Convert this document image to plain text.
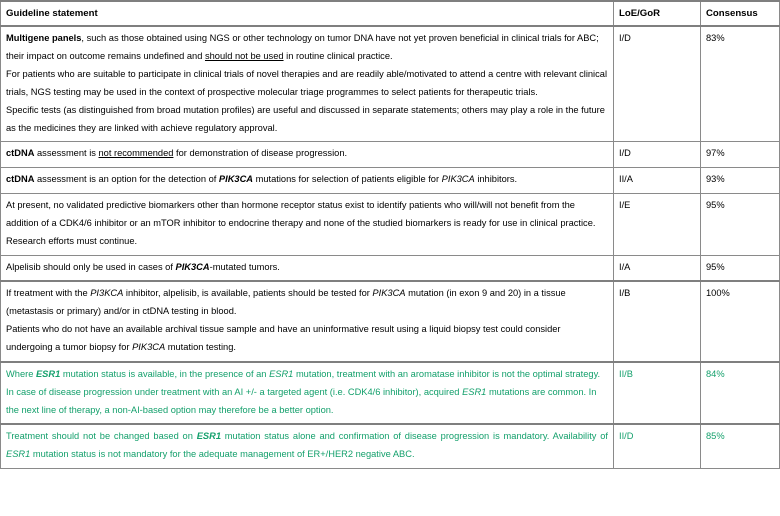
Guideline statement	LoE/GoR	Consensus

Multigene panels, such as those obtained using NGS or other technology on tumor DNA have not yet proven beneficial in clinical trials for ABC; their impact on outcome remains undefined and should not be used in routine clinical practice.

For patients who are suitable to participate in clinical trials of novel therapies and are readily able/motivated to attend a centre with relevant clinical trials, NGS testing may be used in the context of prospective molecular triage programmes to select patients for therapeutic trials.

Specific tests (as distinguished from broad mutation profiles) are useful and discussed in separate statements; others may play a role in the future as the medicines they are linked with achieve regulatory approval.	I/D	83%

ctDNA assessment is not recommended for demonstration of disease progression.	I/D	97%

ctDNA assessment is an option for the detection of PIK3CA mutations for selection of patients eligible for PIK3CA inhibitors.	II/A	93%

At present, no validated predictive biomarkers other than hormone receptor status exist to identify patients who will/will not benefit from the addition of a CDK4/6 inhibitor or an mTOR inhibitor to endocrine therapy and none of the studied biomarkers is ready for use in clinical practice. Research efforts must continue.	I/E	95%

Alpelisib should only be used in cases of PIK3CA-mutated tumors.	I/A	95%

If treatment with the PI3KCA inhibitor, alpelisib, is available, patients should be tested for PIK3CA mutation (in exon 9 and 20) in a tissue (metastasis or primary) and/or in ctDNA testing in blood.

Patients who do not have an available archival tissue sample and have an uninformative result using a liquid biopsy test could consider undergoing a tumor biopsy for PIK3CA mutation testing.	I/B	100%

Where ESR1 mutation status is available, in the presence of an ESR1 mutation, treatment with an aromatase inhibitor is not the optimal strategy. In case of disease progression under treatment with an AI +/- a targeted agent (i.e. CDK4/6 inhibitor), acquired ESR1 mutations are common. In the next line of therapy, a non-AI-based option may therefore be a better option.	II/B	84%

Treatment should not be changed based on ESR1 mutation status alone and confirmation of disease progression is mandatory. Availability of ESR1 mutation status is not mandatory for the adequate management of ER+/HER2 negative ABC.	II/D	85%
